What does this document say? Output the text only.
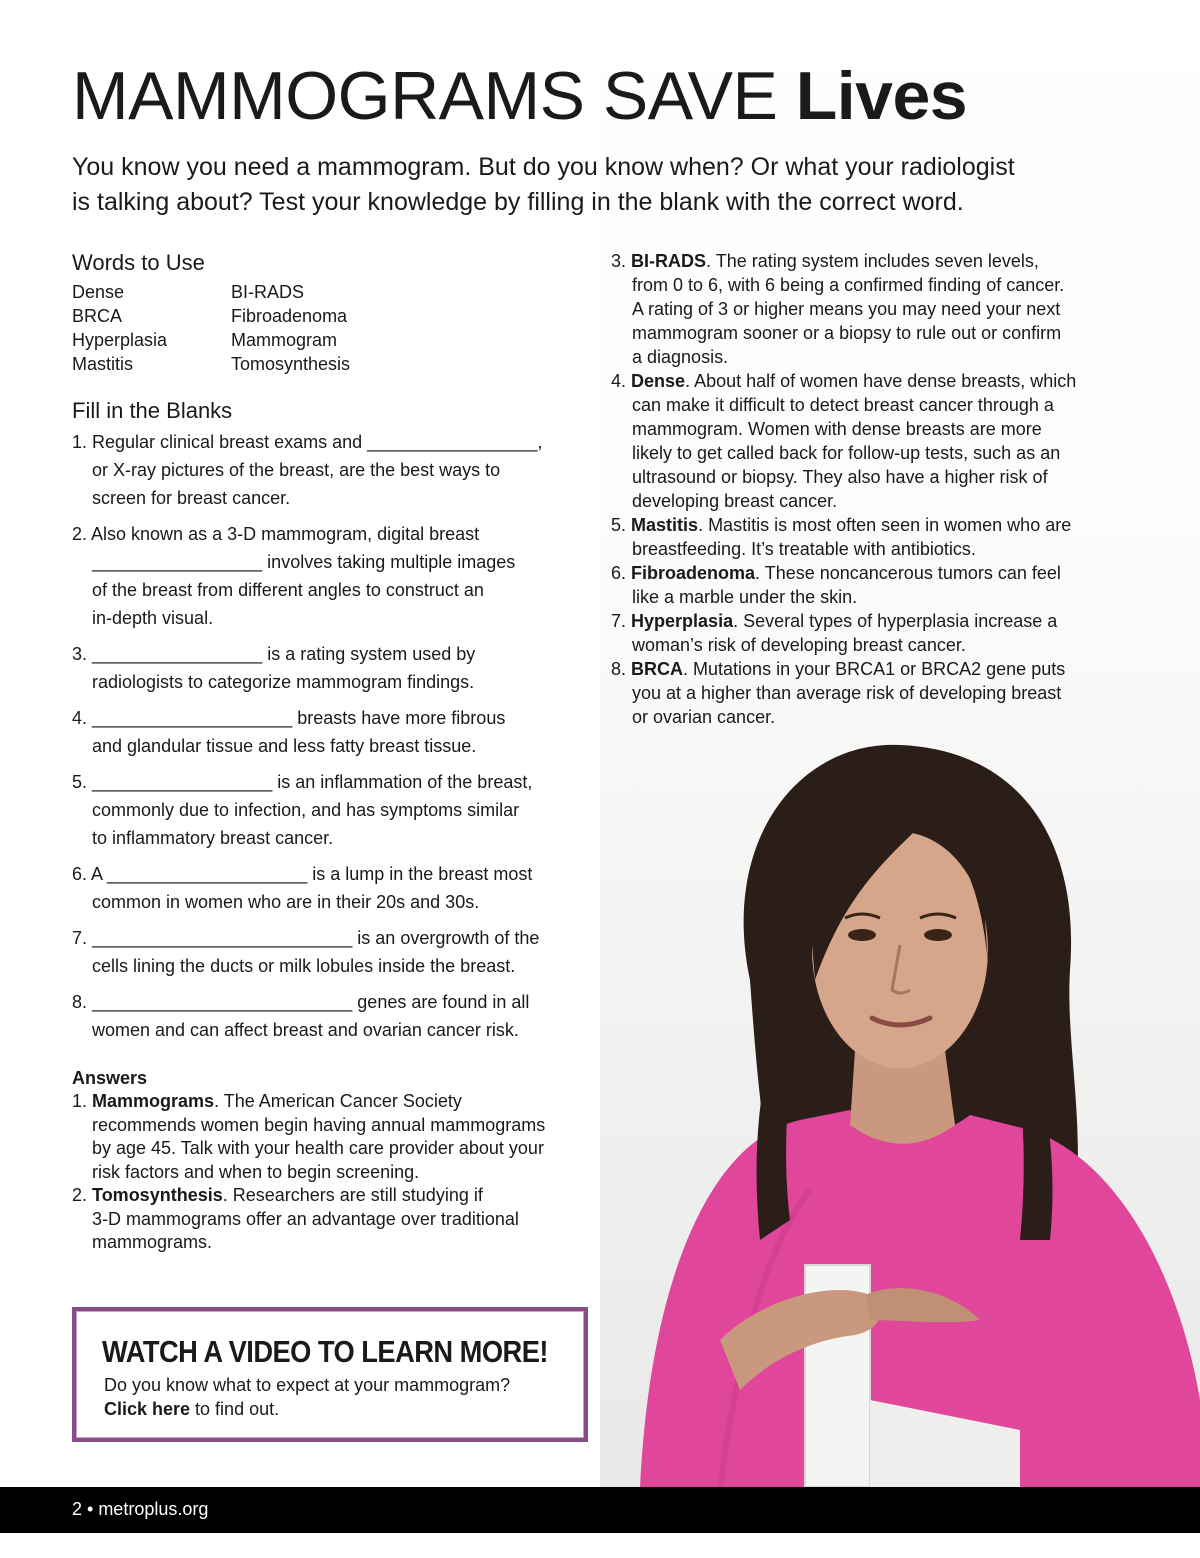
MAMMOGRAMS SAVE Lives

You know you need a mammogram. But do you know when? Or what your radiologist
is talking about? Test your knowledge by filling in the blank with the correct word.

Words to Use
Dense	BI-RADS
BRCA	Fibroadenoma
Hyperplasia	Mammogram
Mastitis	Tomosynthesis
Fill in the Blanks
1. Regular clinical breast exams and _________________,
or X-ray pictures of the breast, are the best ways to
screen for breast cancer.
2. Also known as a 3-D mammogram, digital breast
_________________ involves taking multiple images
of the breast from different angles to construct an
in-depth visual.
3. _________________ is a rating system used by
radiologists to categorize mammogram findings.
4. ____________________ breasts have more fibrous
and glandular tissue and less fatty breast tissue.
5. __________________ is an inflammation of the breast,
commonly due to infection, and has symptoms similar
to inflammatory breast cancer.
6. A ____________________ is a lump in the breast most
common in women who are in their 20s and 30s.
7. __________________________ is an overgrowth of the
cells lining the ducts or milk lobules inside the breast.
8. __________________________ genes are found in all
women and can affect breast and ovarian cancer risk.
Answers
1. Mammograms. The American Cancer Society
recommends women begin having annual mammograms
by age 45. Talk with your health care provider about your
risk factors and when to begin screening.
2. Tomosynthesis. Researchers are still studying if
3-D mammograms offer an advantage over traditional
mammograms.
3. BI-RADS. The rating system includes seven levels,
from 0 to 6, with 6 being a confirmed finding of cancer.
A rating of 3 or higher means you may need your next
mammogram sooner or a biopsy to rule out or confirm
a diagnosis.
4. Dense. About half of women have dense breasts, which
can make it difficult to detect breast cancer through a
mammogram. Women with dense breasts are more
likely to get called back for follow-up tests, such as an
ultrasound or biopsy. They also have a higher risk of
developing breast cancer.
5. Mastitis. Mastitis is most often seen in women who are
breastfeeding. It’s treatable with antibiotics.
6. Fibroadenoma. These noncancerous tumors can feel
like a marble under the skin.
7. Hyperplasia. Several types of hyperplasia increase a
woman’s risk of developing breast cancer.
8. BRCA. Mutations in your BRCA1 or BRCA2 gene puts
you at a higher than average risk of developing breast
or ovarian cancer.
WATCH A VIDEO TO LEARN MORE!
Do you know what to expect at your mammogram?
Click here to find out.
2 • metroplus.org
